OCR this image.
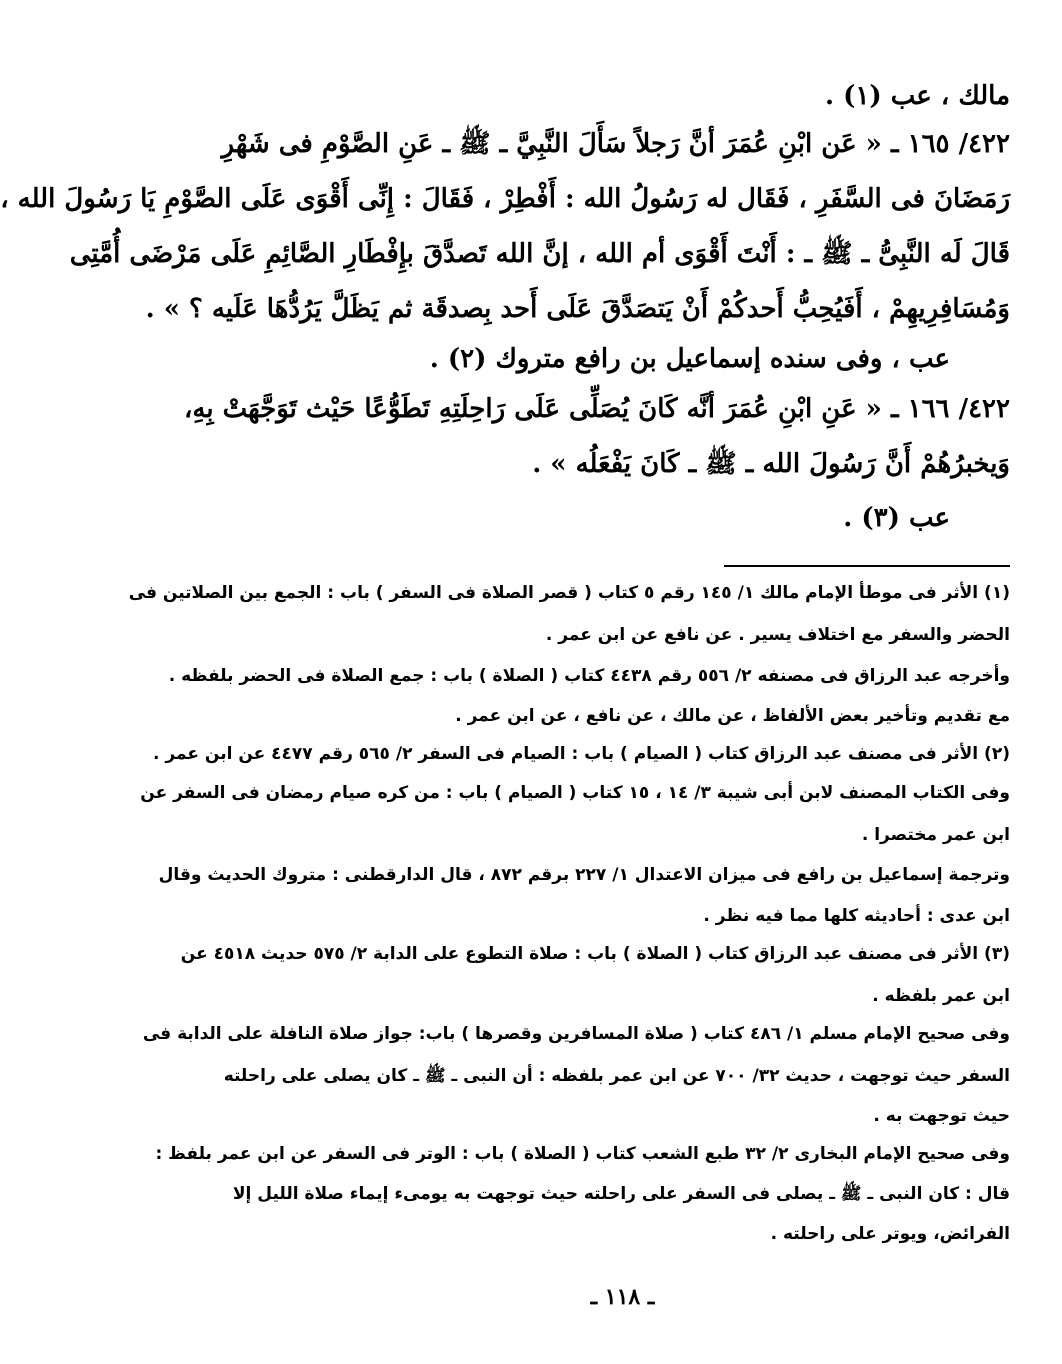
مالك ، عب (١) .
٤٢٢/ ١٦٥ ـ « عَن ابْنِ عُمَرَ أنَّ رَجلاً سَأَلَ النَّبِيَّ ـ ﷺ ـ عَنِ الصَّوْمِ فى شَهْرِ
رَمَضَانَ فى السَّفَرِ ، فَقَال له رَسُولُ الله : أَفْطِرْ ، فَقَالَ : إِنِّى أَقْوَى عَلَى الصَّوْمِ يَا رَسُولَ الله ،
قَالَ لَه النَّبِىُّ ـ ﷺ ـ : أَنْتَ أَقْوَى أم الله ، إنَّ الله تَصدَّقَ بإِفْطَارِ الصَّائِمِ عَلَى مَرْضَى أُمَّتِى
وَمُسَافِرِيهِمْ ، أَفَيُحِبُّ أَحدكُمْ أَنْ يَتصَدَّقَ عَلَى أَحد بِصدقَة ثم يَظَلَّ يَرُدُّهَا عَلَيه ؟ » .
عب ، وفى سنده إسماعيل بن رافع متروك (٢) .
٤٢٢/ ١٦٦ ـ « عَنِ ابْنِ عُمَرَ أنَّه كَانَ يُصَلِّى عَلَى رَاحِلَتِهِ تَطَوُّعًا حَيْث تَوَجَّهَتْ بِهِ،
وَيخبرُهُمْ أَنَّ رَسُولَ الله ـ ﷺ ـ كَانَ يَفْعَلُه » .
عب (٣) .
(١) الأثر فى موطأ الإمام مالك ١/ ١٤٥ رقم ٥ كتاب ( قصر الصلاة فى السفر ) باب : الجمع بين الصلاتين فى
الحضر والسفر مع اختلاف يسير . عن نافع عن ابن عمر .
وأخرجه عبد الرزاق فى مصنفه ٢/ ٥٥٦ رقم ٤٤٣٨ كتاب ( الصلاة ) باب : جمع الصلاة فى الحضر بلفظه .
مع تقديم وتأخير بعض الألفاظ ، عن مالك ، عن نافع ، عن ابن عمر .
(٢) الأثر فى مصنف عبد الرزاق كتاب ( الصيام ) باب : الصيام فى السفر ٢/ ٥٦٥ رقم ٤٤٧٧ عن ابن عمر .
وفى الكتاب المصنف لابن أبى شيبة ٣/ ١٤ ، ١٥ كتاب ( الصيام ) باب : من كره صيام رمضان فى السفر عن
ابن عمر مختصرا .
وترجمة إسماعيل بن رافع فى ميزان الاعتدال ١/ ٢٢٧ برقم ٨٧٢ ، قال الدارقطنى : متروك الحديث وقال
ابن عدى : أحاديثه كلها مما فيه نظر .
(٣) الأثر فى مصنف عبد الرزاق كتاب ( الصلاة ) باب : صلاة التطوع على الدابة ٢/ ٥٧٥ حديث ٤٥١٨ عن
ابن عمر بلفظه .
وفى صحيح الإمام مسلم ١/ ٤٨٦ كتاب ( صلاة المسافرين وقصرها ) باب: جواز صلاة النافلة على الدابة فى
السفر حيث توجهت ، حديث ٣٢/ ٧٠٠ عن ابن عمر بلفظه : أن النبى ـ ﷺ ـ كان يصلى على راحلته
حيث توجهت به .
وفى صحيح الإمام البخارى ٢/ ٣٢ طبع الشعب كتاب ( الصلاة ) باب : الوتر فى السفر عن ابن عمر بلفظ :
قال : كان النبى ـ ﷺ ـ يصلى فى السفر على راحلته حيث توجهت به يومىء إيماء صلاة الليل إلا
الفرائض، ويوتر على راحلته .
ـ ١١٨ ـ
